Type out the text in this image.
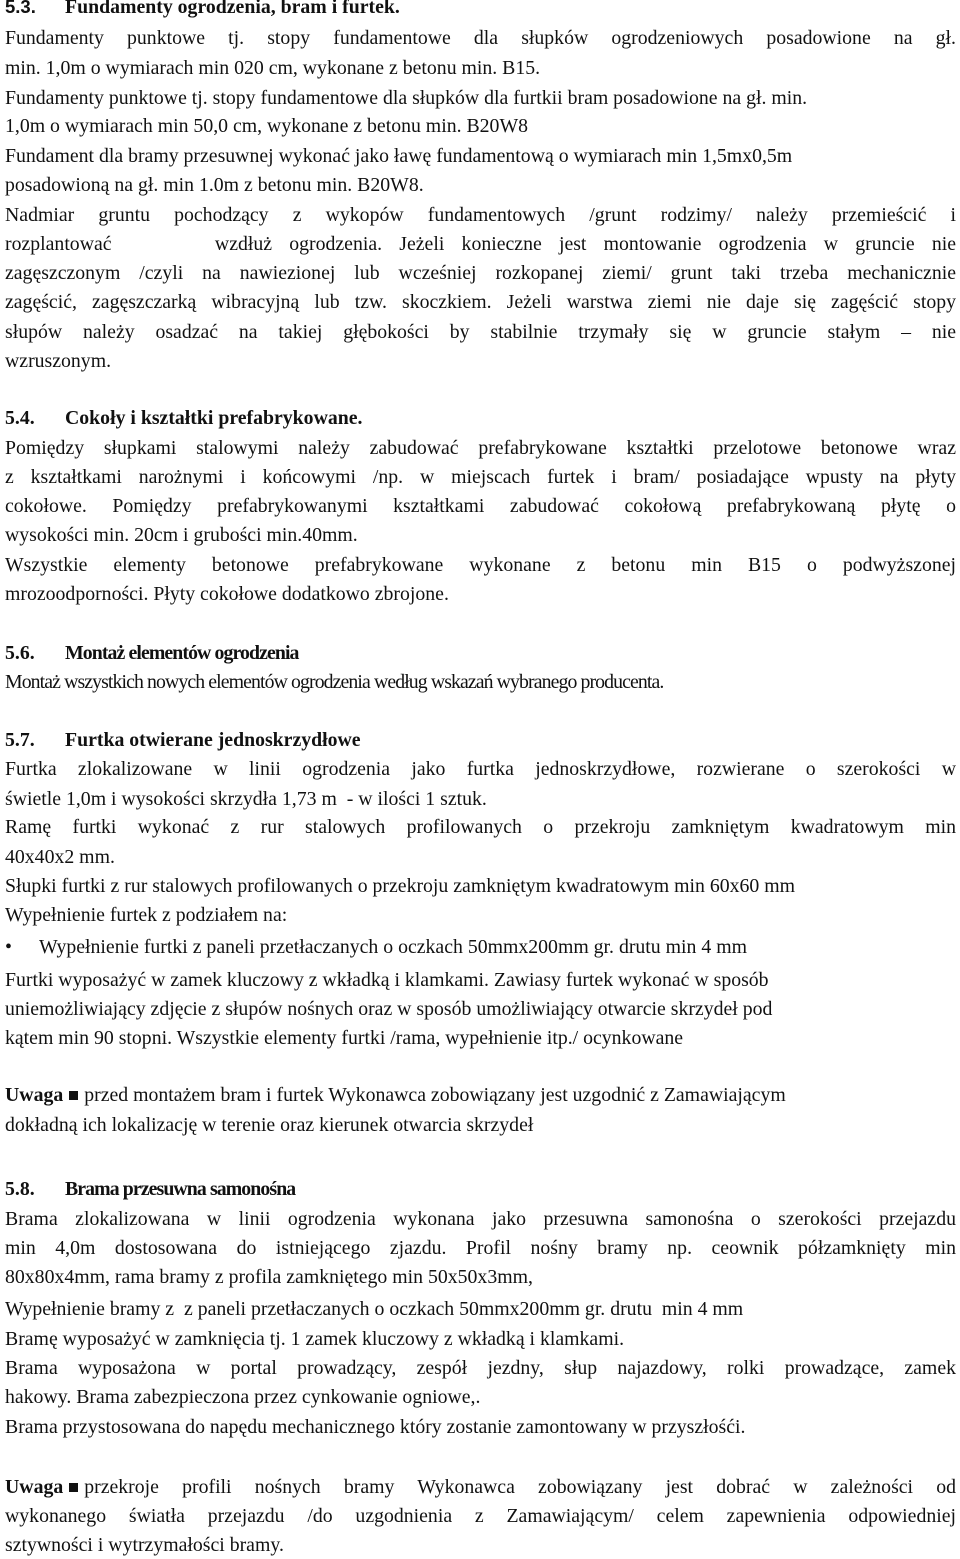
5.3. Fundamenty ogrodzenia, bram i furtek.
Fundamenty punktowe tj. stopy fundamentowe dla słupków ogrodzeniowych posadowione na gł.
min. 1,0m o wymiarach min 020 cm, wykonane z betonu min. B15.
Fundamenty punktowe tj. stopy fundamentowe dla słupków dla furtkii bram posadowione na gł. min.
1,0m o wymiarach min 50,0 cm, wykonane z betonu min. B20W8
Fundament dla bramy przesuwnej wykonać jako ławę fundamentową o wymiarach min 1,5mx0,5m
posadowioną na gł. min 1.0m z betonu min. B20W8.
Nadmiar gruntu pochodzący z wykopów fundamentowych /grunt rodzimy/ należy przemieścić i
rozplantować      wzdłuż ogrodzenia. Jeżeli konieczne jest montowanie ogrodzenia w gruncie nie
zagęszczonym /czyli na nawiezionej lub wcześniej rozkopanej ziemi/ grunt taki trzeba mechanicznie
zagęścić, zagęszczarką wibracyjną lub tzw. skoczkiem. Jeżeli warstwa ziemi nie daje się zagęścić stopy
słupów należy osadzać na takiej głębokości by stabilnie trzymały się w gruncie stałym – nie
wzruszonym.
5.4. Cokoły i kształtki prefabrykowane.
Pomiędzy słupkami stalowymi należy zabudować prefabrykowane kształtki przelotowe betonowe wraz
z kształtkami narożnymi i końcowymi /np. w miejscach furtek i bram/ posiadające wpusty na płyty
cokołowe. Pomiędzy prefabrykowanymi kształtkami zabudować cokołową prefabrykowaną płytę o
wysokości min. 20cm i grubości min.40mm.
Wszystkie elementy betonowe prefabrykowane wykonane z betonu min B15 o podwyższonej
mrozoodporności. Płyty cokołowe dodatkowo zbrojone.
5.6. Montaż elementów ogrodzenia
Montaż wszystkich nowych elementów ogrodzenia według wskazań wybranego producenta.
5.7. Furtka otwierane jednoskrzydłowe
Furtka zlokalizowane w linii ogrodzenia jako furtka jednoskrzydłowe, rozwierane o szerokości w
świetle 1,0m i wysokości skrzydła 1,73 m  - w ilości 1 sztuk.
Ramę furtki wykonać z rur stalowych profilowanych o przekroju zamkniętym kwadratowym min
40x40x2 mm.
Słupki furtki z rur stalowych profilowanych o przekroju zamkniętym kwadratowym min 60x60 mm
Wypełnienie furtek z podziałem na:
• Wypełnienie furtki z paneli przetłaczanych o oczkach 50mmx200mm gr. drutu min 4 mm
Furtki wyposażyć w zamek kluczowy z wkładką i klamkami. Zawiasy furtek wykonać w sposób
uniemożliwiający zdjęcie z słupów nośnych oraz w sposób umożliwiający otwarcie skrzydeł pod
kątem min 90 stopni. Wszystkie elementy furtki /rama, wypełnienie itp./ ocynkowane
Uwaga przed montażem bram i furtek Wykonawca zobowiązany jest uzgodnić z Zamawiającym
dokładną ich lokalizację w terenie oraz kierunek otwarcia skrzydeł
5.8. Brama przesuwna samonośna
Brama zlokalizowana w linii ogrodzenia wykonana jako przesuwna samonośna o szerokości przejazdu
min 4,0m dostosowana do istniejącego zjazdu. Profil nośny bramy np. ceownik półzamknięty min
80x80x4mm, rama bramy z profila zamkniętego min 50x50x3mm,
Wypełnienie bramy z  z paneli przetłaczanych o oczkach 50mmx200mm gr. drutu  min 4 mm
Bramę wyposażyć w zamknięcia tj. 1 zamek kluczowy z wkładką i klamkami.
Brama wyposażona w portal prowadzący, zespół jezdny, słup najazdowy, rolki prowadzące, zamek
hakowy. Brama zabezpieczona przez cynkowanie ogniowe,.
Brama przystosowana do napędu mechanicznego który zostanie zamontowany w przyszłośći.
Uwaga przekroje profili nośnych bramy Wykonawca zobowiązany jest dobrać w zależności od
wykonanego światła przejazdu /do uzgodnienia z Zamawiającym/ celem zapewnienia odpowiedniej
sztywności i wytrzymałości bramy.
